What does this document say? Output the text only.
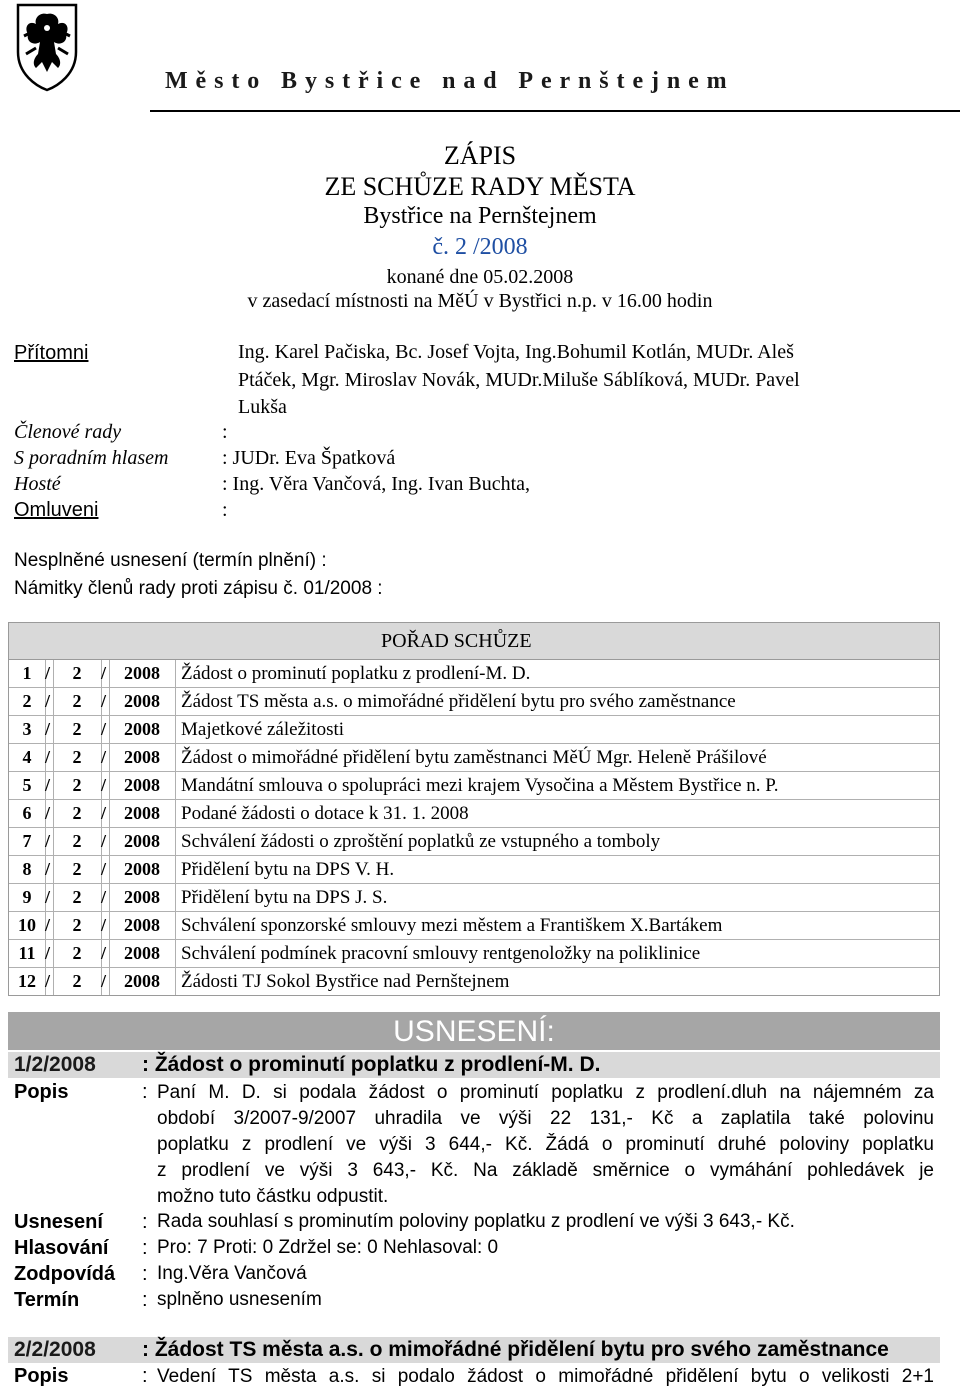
Město Bystřice nad Pernštejnem
ZÁPIS
ZE SCHŮZE RADY MĚSTA
Bystřice na Pernštejnem
č. 2 /2008
konané dne 05.02.2008
v zasedací místnosti na MěÚ v Bystřici n.p. v 16.00 hodin
Přítomni	Ing. Karel Pačiska, Bc. Josef Vojta, Ing.Bohumil Kotlán, MUDr. Aleš
Ptáček, Mgr. Miroslav Novák, MUDr.Miluše Sáblíková, MUDr. Pavel
Lukša
Členové rady	:
S poradním hlasem	: JUDr. Eva Špatková
Hosté	: Ing. Věra Vančová, Ing. Ivan Buchta,
Omluveni	:
Nesplněné usnesení (termín plnění) :
Námitky členů rady proti zápisu č. 01/2008 :
POŘAD SCHŮZE
1 /	2	/ 2008	Žádost o prominutí poplatku z prodlení-M. D.
2 /	2	/ 2008	Žádost TS města a.s. o mimořádné přidělení bytu pro svého zaměstnance
3 /	2	/ 2008	Majetkové záležitosti
4 /	2	/ 2008	Žádost o mimořádné přidělení bytu zaměstnanci MěÚ Mgr. Heleně Prášilové
5 /	2	/ 2008	Mandátní smlouva o spolupráci mezi krajem Vysočina a Městem Bystřice n. P.
6 /	2	/ 2008	Podané žádosti o dotace k 31. 1. 2008
7 /	2	/ 2008	Schválení žádosti o zproštění poplatků ze vstupného a tomboly
8 /	2	/ 2008	Přidělení bytu na DPS V. H.
9 /	2	/ 2008	Přidělení bytu na DPS J. S.
10 /	2	/ 2008	Schválení sponzorské smlouvy mezi městem a Františkem X.Bartákem
11 /	2	/ 2008	Schválení podmínek pracovní smlouvy rentgenoložky na poliklinice
12 /	2	/ 2008	Žádosti TJ Sokol Bystřice nad Pernštejnem
USNESENÍ:
1/2/2008 : Žádost o prominutí poplatku z prodlení-M. D.
Popis	: Paní M. D. si podala žádost o prominutí poplatku z prodlení.dluh na nájemném za
období 3/2007-9/2007 uhradila ve výši 22 131,- Kč a zaplatila také polovinu
poplatku z prodlení ve výši 3 644,- Kč. Žádá o prominutí druhé poloviny poplatku
z prodlení ve výši 3 643,- Kč. Na základě směrnice o vymáhání pohledávek je
možno tuto částku odpustit.
Usnesení : Rada souhlasí s prominutím poloviny poplatku z prodlení ve výši 3 643,- Kč.
Hlasování : Pro: 7 Proti: 0 Zdržel se: 0 Nehlasoval: 0
Zodpovídá : Ing.Věra Vančová
Termín	: splněno usnesením
2/2/2008 : Žádost TS města a.s. o mimořádné přidělení bytu pro svého zaměstnance
Popis	: Vedení TS města a.s. si podalo žádost o mimořádné přidělení bytu o velikosti 2+1
